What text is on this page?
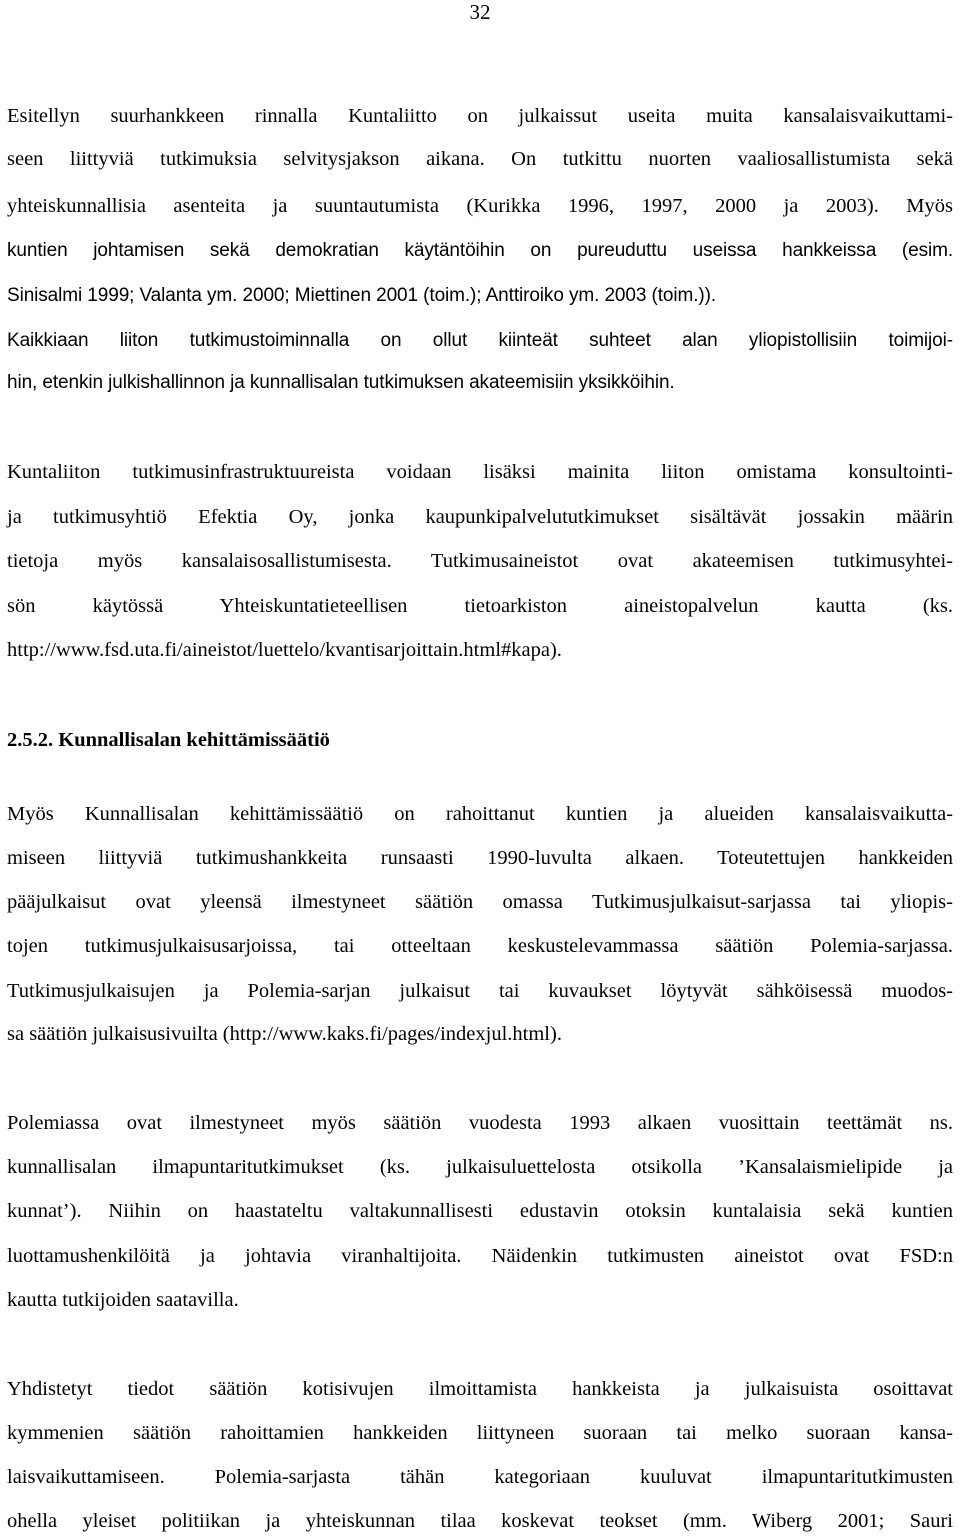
32
Esitellyn suurhankkeen rinnalla Kuntaliitto on julkaissut useita muita kansalaisvaikuttami-
seen liittyviä tutkimuksia selvitysjakson aikana. On tutkittu nuorten vaaliosallistumista sekä
yhteiskunnallisia asenteita ja suuntautumista (Kurikka 1996, 1997, 2000 ja 2003). Myös
kuntien johtamisen sekä demokratian käytäntöihin on pureuduttu useissa hankkeissa (esim.
Sinisalmi 1999; Valanta ym. 2000; Miettinen 2001 (toim.); Anttiroiko ym. 2003 (toim.)).
Kaikkiaan liiton tutkimustoiminnalla on ollut kiinteät suhteet alan yliopistollisiin toimijoi-
hin, etenkin julkishallinnon ja kunnallisalan tutkimuksen akateemisiin yksikköihin.
Kuntaliiton tutkimusinfrastruktuureista voidaan lisäksi mainita liiton omistama konsultointi-
ja tutkimusyhtiö Efektia Oy, jonka kaupunkipalvelututkimukset sisältävät jossakin määrin
tietoja myös kansalaisosallistumisesta. Tutkimusaineistot ovat akateemisen tutkimusyhtei-
sön käytössä Yhteiskuntatieteellisen tietoarkiston aineistopalvelun kautta (ks.
http://www.fsd.uta.fi/aineistot/luettelo/kvantisarjoittain.html#kapa).
2.5.2. Kunnallisalan kehittämissäätiö
Myös Kunnallisalan kehittämissäätiö on rahoittanut kuntien ja alueiden kansalaisvaikutta-
miseen liittyviä tutkimushankkeita runsaasti 1990-luvulta alkaen. Toteutettujen hankkeiden
pääjulkaisut ovat yleensä ilmestyneet säätiön omassa Tutkimusjulkaisut-sarjassa tai yliopis-
tojen tutkimusjulkaisusarjoissa, tai otteeltaan keskustelevammassa säätiön Polemia-sarjassa.
Tutkimusjulkaisujen ja Polemia-sarjan julkaisut tai kuvaukset löytyvät sähköisessä muodos-
sa säätiön julkaisusivuilta (http://www.kaks.fi/pages/indexjul.html).
Polemiassa ovat ilmestyneet myös säätiön vuodesta 1993 alkaen vuosittain teettämät ns.
kunnallisalan ilmapuntaritutkimukset (ks. julkaisuluettelosta otsikolla ’Kansalaismielipide ja
kunnat’). Niihin on haastateltu valtakunnallisesti edustavin otoksin kuntalaisia sekä kuntien
luottamushenkilöitä ja johtavia viranhaltijoita. Näidenkin tutkimusten aineistot ovat FSD:n
kautta tutkijoiden saatavilla.
Yhdistetyt tiedot säätiön kotisivujen ilmoittamista hankkeista ja julkaisuista osoittavat
kymmenien säätiön rahoittamien hankkeiden liittyneen suoraan tai melko suoraan kansa-
laisvaikuttamiseen. Polemia-sarjasta tähän kategoriaan kuuluvat ilmapuntaritutkimusten
ohella yleiset politiikan ja yhteiskunnan tilaa koskevat teokset (mm. Wiberg 2001; Sauri
